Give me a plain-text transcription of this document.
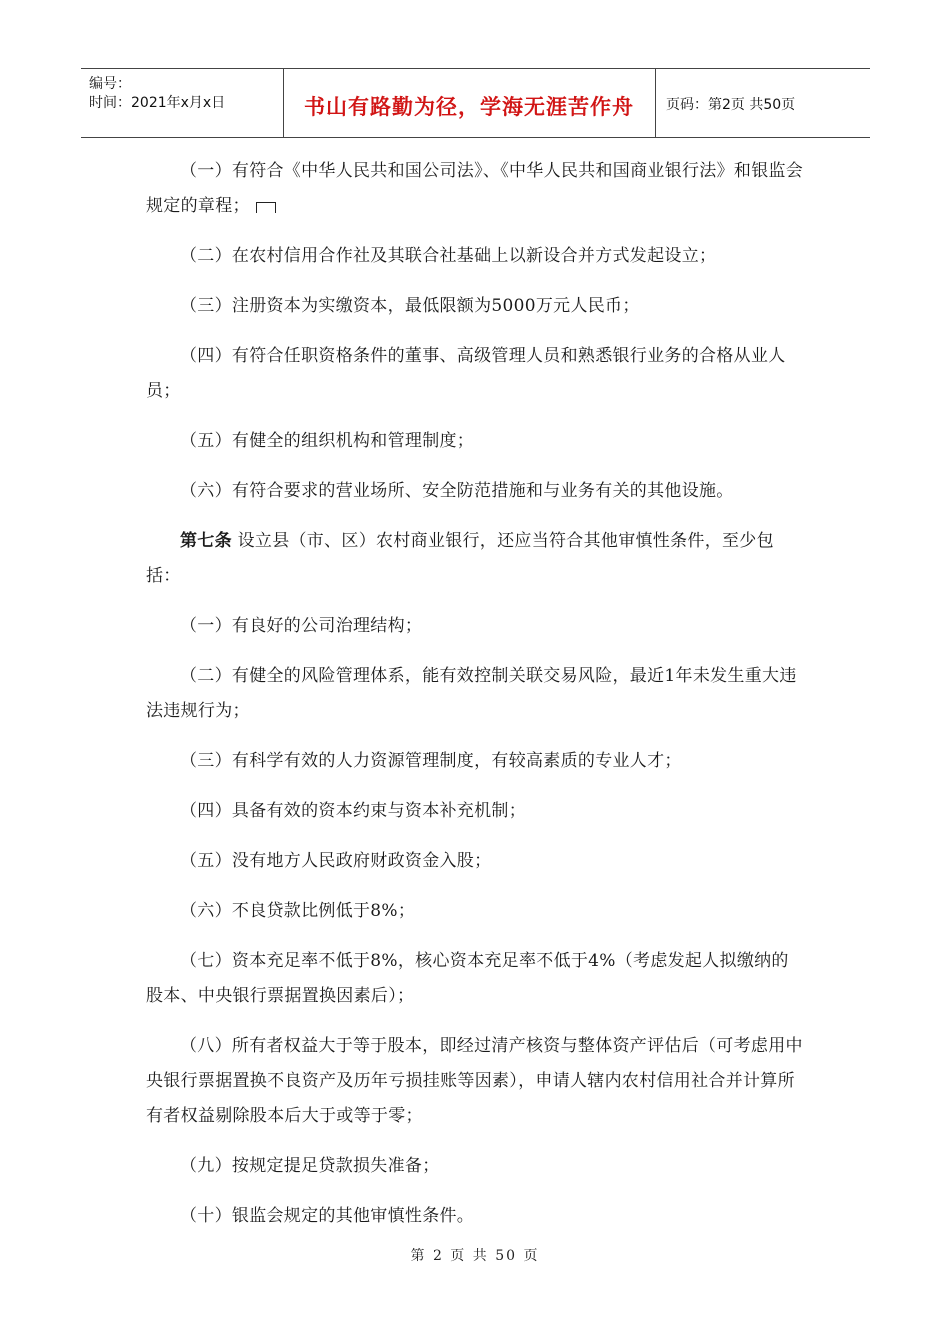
编号：
时间：2021年x月x日	书山有路勤为径，学海无涯苦作舟	页码：第2页 共50页

（一）有符合《中华人民共和国公司法》、《中华人民共和国商业银行法》和银监会规定的章程；

（二）在农村信用合作社及其联合社基础上以新设合并方式发起设立；

（三）注册资本为实缴资本，最低限额为5000万元人民币；

（四）有符合任职资格条件的董事、高级管理人员和熟悉银行业务的合格从业人员；

（五）有健全的组织机构和管理制度；

（六）有符合要求的营业场所、安全防范措施和与业务有关的其他设施。

第七条 设立县（市、区）农村商业银行，还应当符合其他审慎性条件，至少包括：

（一）有良好的公司治理结构；

（二）有健全的风险管理体系，能有效控制关联交易风险，最近1年未发生重大违法违规行为；

（三）有科学有效的人力资源管理制度，有较高素质的专业人才；

（四）具备有效的资本约束与资本补充机制；

（五）没有地方人民政府财政资金入股；

（六）不良贷款比例低于8%；

（七）资本充足率不低于8%，核心资本充足率不低于4%（考虑发起人拟缴纳的股本、中央银行票据置换因素后）；

（八）所有者权益大于等于股本，即经过清产核资与整体资产评估后（可考虑用中央银行票据置换不良资产及历年亏损挂账等因素），申请人辖内农村信用社合并计算所有者权益剔除股本后大于或等于零；

（九）按规定提足贷款损失准备；

（十）银监会规定的其他审慎性条件。

第 2 页 共 50 页
